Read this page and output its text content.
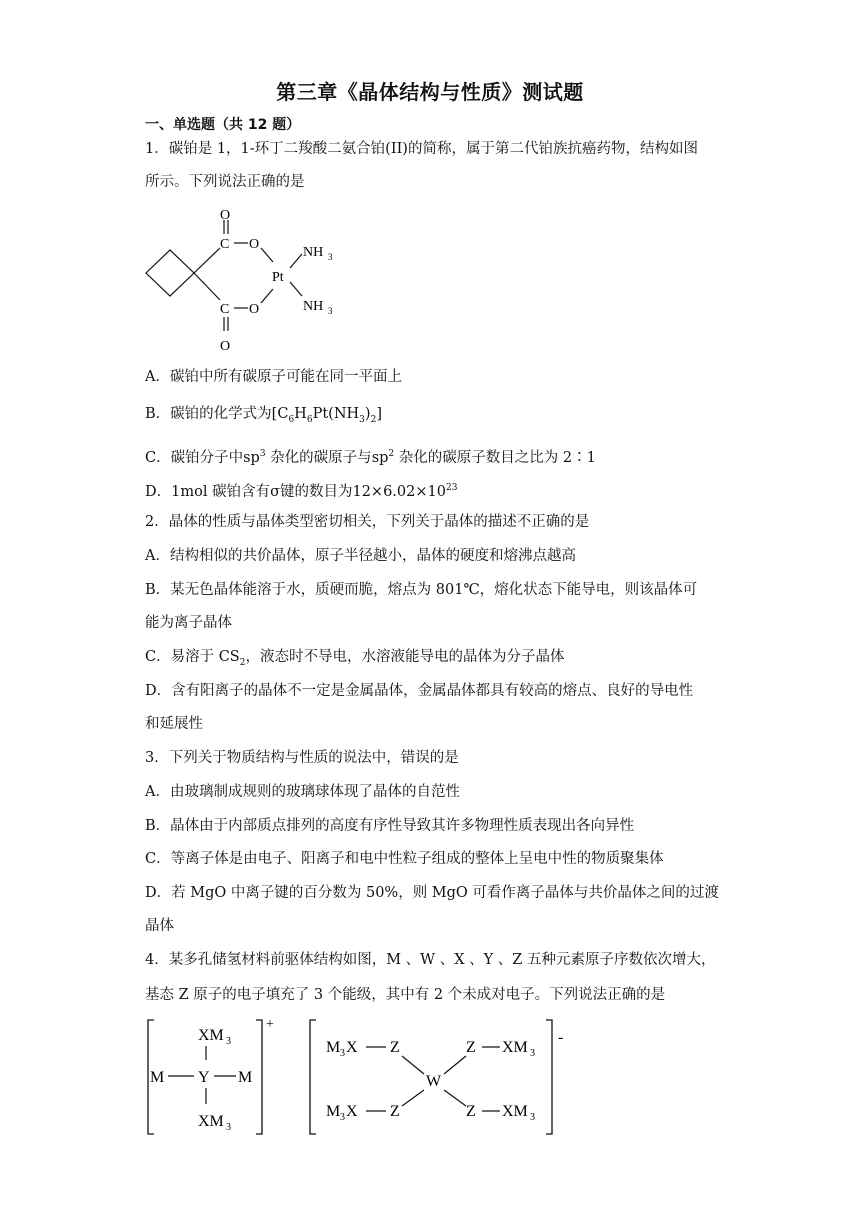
第三章《晶体结构与性质》测试题
一、单选题（共 12 题）
1．碳铂是 1，1-环丁二羧酸二氨合铂(II)的简称，属于第二代铂族抗癌药物，结构如图
所示。下列说法正确的是
O
C O
C O
O
Pt
NH 3
NH 3
A．碳铂中所有碳原子可能在同一平面上
B．碳铂的化学式为$[C_6H_6Pt(NH_3)_2]$
C．碳铂分子中$sp^3$ 杂化的碳原子与$sp^2$ 杂化的碳原子数目之比为 2∶1
D．1mol 碳铂含有σ键的数目为$12\times 6.02\times 10^{23}$
2．晶体的性质与晶体类型密切相关，下列关于晶体的描述不正确的是
A．结构相似的共价晶体，原子半径越小，晶体的硬度和熔沸点越高
B．某无色晶体能溶于水，质硬而脆，熔点为 801℃，熔化状态下能导电，则该晶体可
能为离子晶体
C．易溶于 $CS_2$，液态时不导电，水溶液能导电的晶体为分子晶体
D．含有阳离子的晶体不一定是金属晶体，金属晶体都具有较高的熔点、良好的导电性
和延展性
3．下列关于物质结构与性质的说法中，错误的是
A．由玻璃制成规则的玻璃球体现了晶体的自范性
B．晶体由于内部质点排列的高度有序性导致其许多物理性质表现出各向异性
C．等离子体是由电子、阳离子和电中性粒子组成的整体上呈电中性的物质聚集体
D．若 MgO 中离子键的百分数为 50%，则 MgO 可看作离子晶体与共价晶体之间的过渡
晶体
4．某多孔储氢材料前驱体结构如图，M 、W 、X 、Y 、Z 五种元素原子序数依次增大，
基态 Z 原子的电子填充了 3 个能级，其中有 2 个未成对电子。下列说法正确的是
+
XM 3
M Y M
XM 3
-
M 3 X Z	Z XM 3
W
M 3 X Z	Z XM 3
